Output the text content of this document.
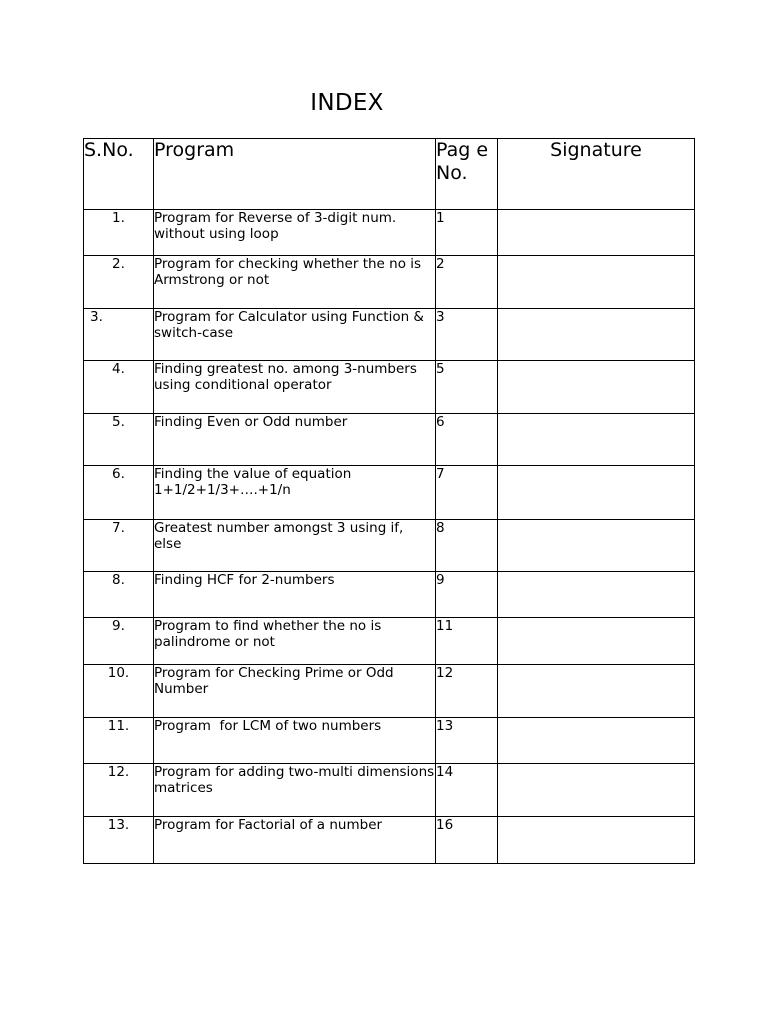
INDEX
S.No.	Program	Pag e No.	Signature
1.	Program for Reverse of 3-digit num. without using loop	1	
2.	Program for checking whether the no is Armstrong or not	2	
3.	Program for Calculator using Function & switch-case	3	
4.	Finding greatest no. among 3-numbers using conditional operator	5	
5.	Finding Even or Odd number	6	
6.	Finding the value of equation 1+1/2+1/3+….+1/n	7	
7.	Greatest number amongst 3 using if, else	8	
8.	Finding HCF for 2-numbers	9	
9.	Program to find whether the no is palindrome or not	11	
10.	Program for Checking Prime or Odd Number	12	
11.	Program  for LCM of two numbers	13	
12.	Program for adding two-multi dimensions matrices	14	
13.	Program for Factorial of a number	16	
